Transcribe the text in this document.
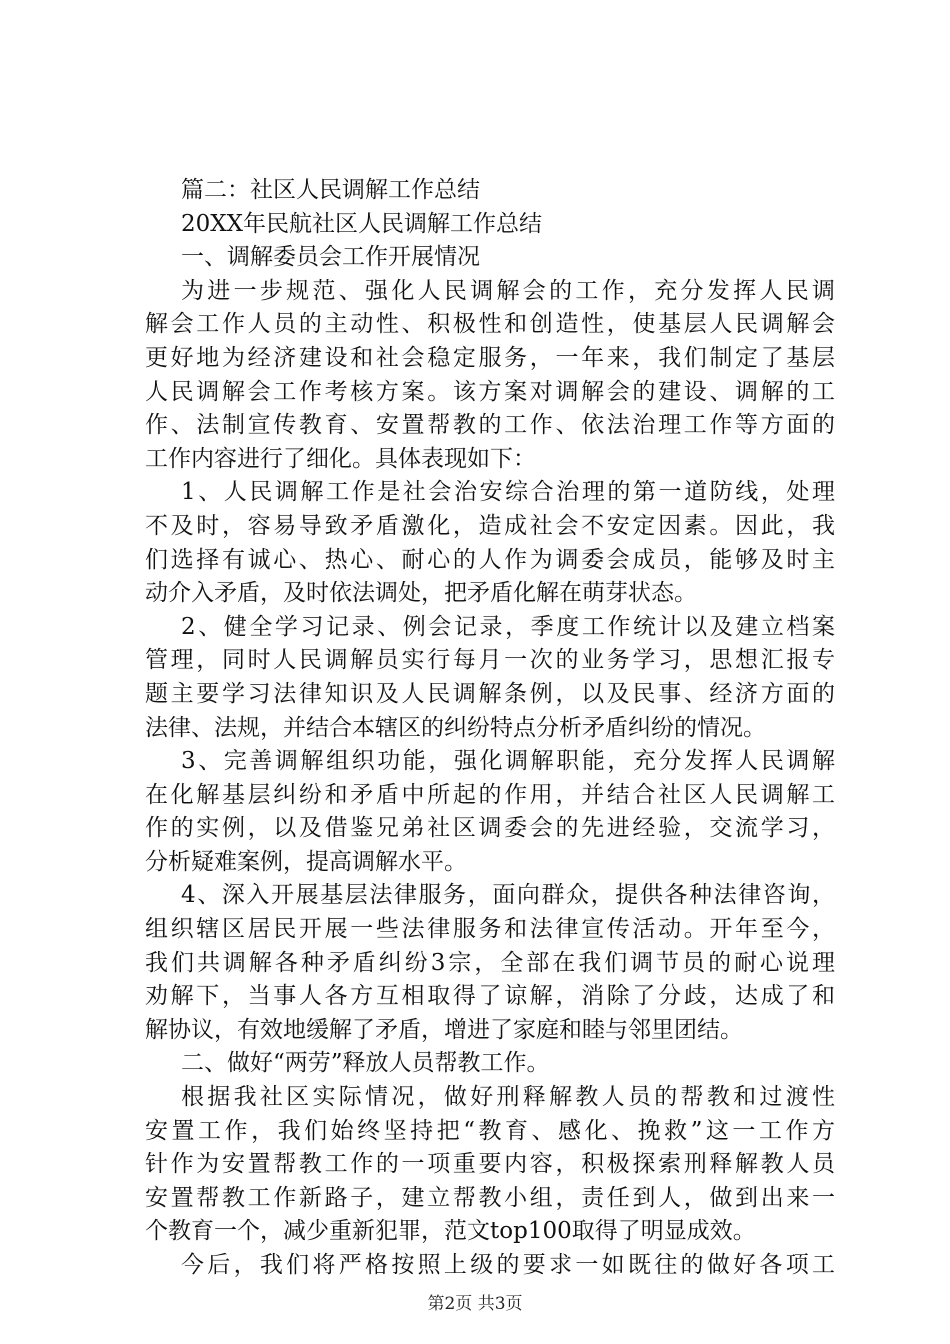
篇二：社区人民调解工作总结
20XX年民航社区人民调解工作总结
一、调解委员会工作开展情况
为进一步规范、强化人民调解会的工作，充分发挥人民调
解会工作人员的主动性、积极性和创造性，使基层人民调解会
更好地为经济建设和社会稳定服务，一年来，我们制定了基层
人民调解会工作考核方案。该方案对调解会的建设、调解的工
作、法制宣传教育、安置帮教的工作、依法治理工作等方面的
工作内容进行了细化。具体表现如下：
1、人民调解工作是社会治安综合治理的第一道防线，处理
不及时，容易导致矛盾激化，造成社会不安定因素。因此，我
们选择有诚心、热心、耐心的人作为调委会成员，能够及时主
动介入矛盾，及时依法调处，把矛盾化解在萌芽状态。
2、健全学习记录、例会记录，季度工作统计以及建立档案
管理，同时人民调解员实行每月一次的业务学习，思想汇报专
题主要学习法律知识及人民调解条例，以及民事、经济方面的
法律、法规，并结合本辖区的纠纷特点分析矛盾纠纷的情况。
3、完善调解组织功能，强化调解职能，充分发挥人民调解
在化解基层纠纷和矛盾中所起的作用，并结合社区人民调解工
作的实例，以及借鉴兄弟社区调委会的先进经验，交流学习，
分析疑难案例，提高调解水平。
4、深入开展基层法律服务，面向群众，提供各种法律咨询，
组织辖区居民开展一些法律服务和法律宣传活动。开年至今，
我们共调解各种矛盾纠纷3宗，全部在我们调节员的耐心说理
劝解下，当事人各方互相取得了谅解，消除了分歧，达成了和
解协议，有效地缓解了矛盾，增进了家庭和睦与邻里团结。
二、做好“两劳”释放人员帮教工作。
根据我社区实际情况，做好刑释解教人员的帮教和过渡性
安置工作，我们始终坚持把“教育、感化、挽救”这一工作方
针作为安置帮教工作的一项重要内容，积极探索刑释解教人员
安置帮教工作新路子，建立帮教小组，责任到人，做到出来一
个教育一个，减少重新犯罪，范文top100取得了明显成效。
今后，我们将严格按照上级的要求一如既往的做好各项工
第2页 共3页
